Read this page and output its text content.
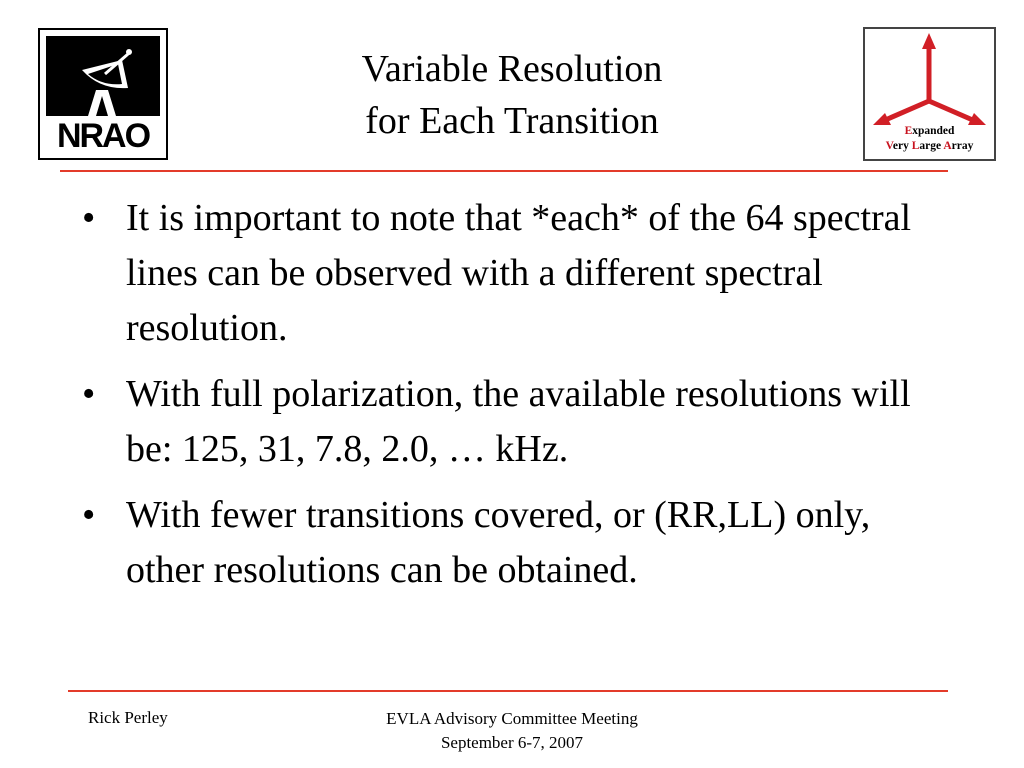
NRAO
Variable Resolution
for Each Transition	Expanded
Very Large Array
• It is important to note that *each* of the 64 spectral lines can be observed with a different spectral resolution.
• With full polarization, the available resolutions will be: 125, 31, 7.8, 2.0, … kHz.
• With fewer transitions covered, or (RR,LL) only, other resolutions can be obtained.
Rick Perley	EVLA Advisory Committee Meeting
September 6-7, 2007
